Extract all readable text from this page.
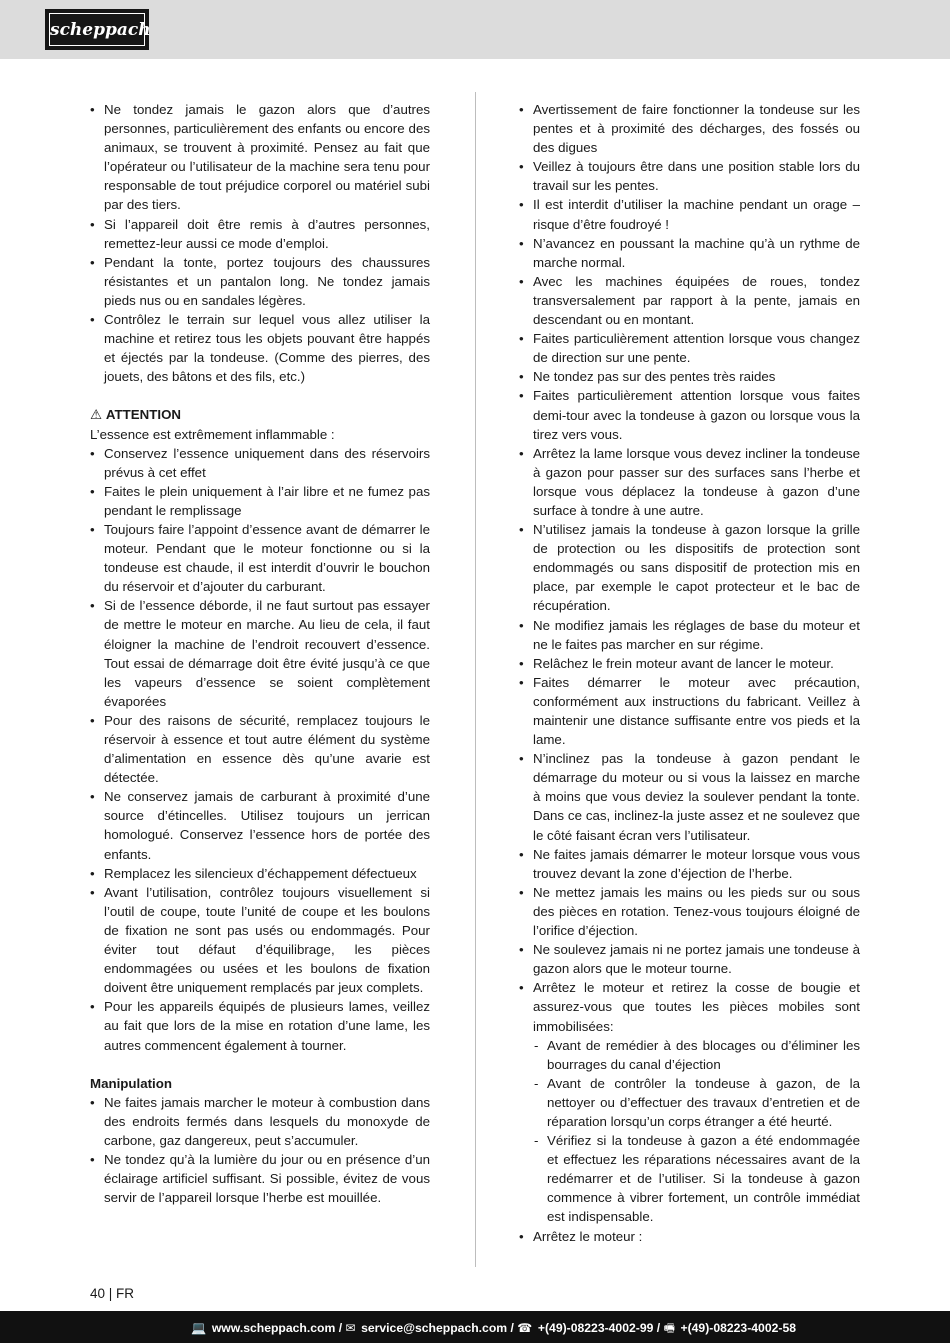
scheppach
• Ne tondez jamais le gazon alors que d’autres personnes, particulièrement des enfants ou encore des animaux, se trouvent à proximité. Pensez au fait que l’opérateur ou l’utilisateur de la machine sera tenu pour responsable de tout préjudice corporel ou matériel subi par des tiers.
• Si l’appareil doit être remis à d’autres personnes, remettez-leur aussi ce mode d’emploi.
• Pendant la tonte, portez toujours des chaussures résistantes et un pantalon long. Ne tondez jamais pieds nus ou en sandales légères.
• Contrôlez le terrain sur lequel vous allez utiliser la machine et retirez tous les objets pouvant être happés et éjectés par la tondeuse. (Comme des pierres, des jouets, des bâtons et des fils, etc.)

⚠ ATTENTION

L’essence est extrêmement inflammable :

• Conservez l’essence uniquement dans des réservoirs prévus à cet effet
• Faites le plein uniquement à l’air libre et ne fumez pas pendant le remplissage
• Toujours faire l’appoint d’essence avant de démarrer le moteur. Pendant que le moteur fonctionne ou si la tondeuse est chaude, il est interdit d’ouvrir le bouchon du réservoir et d’ajouter du carburant.
• Si de l’essence déborde, il ne faut surtout pas essayer de mettre le moteur en marche. Au lieu de cela, il faut éloigner la machine de l’endroit recouvert d’essence. Tout essai de démarrage doit être évité jusqu’à ce que les vapeurs d’essence se soient complètement évaporées
• Pour des raisons de sécurité, remplacez toujours le réservoir à essence et tout autre élément du système d’alimentation en essence dès qu’une avarie est détectée.
• Ne conservez jamais de carburant à proximité d’une source d’étincelles. Utilisez toujours un jerrican homologué. Conservez l’essence hors de portée des enfants.
• Remplacez les silencieux d’échappement défectueux
• Avant l’utilisation, contrôlez toujours visuellement si l’outil de coupe, toute l’unité de coupe et les boulons de fixation ne sont pas usés ou endommagés. Pour éviter tout défaut d’équilibrage, les pièces endommagées ou usées et les boulons de fixation doivent être uniquement remplacés par jeux complets.
• Pour les appareils équipés de plusieurs lames, veillez au fait que lors de la mise en rotation d’une lame, les autres commencent également à tourner.

Manipulation

• Ne faites jamais marcher le moteur à combustion dans des endroits fermés dans lesquels du monoxyde de carbone, gaz dangereux, peut s’accumuler.
• Ne tondez qu’à la lumière du jour ou en présence d’un éclairage artificiel suffisant. Si possible, évitez de vous servir de l’appareil lorsque l’herbe est mouillée.
• Avertissement de faire fonctionner la tondeuse sur les pentes et à proximité des décharges, des fossés ou des digues
• Veillez à toujours être dans une position stable lors du travail sur les pentes.
• Il est interdit d’utiliser la machine pendant un orage – risque d’être foudroyé !
• N’avancez en poussant la machine qu’à un rythme de marche normal.
• Avec les machines équipées de roues, tondez transversalement par rapport à la pente, jamais en descendant ou en montant.
• Faites particulièrement attention lorsque vous changez de direction sur une pente.
• Ne tondez pas sur des pentes très raides
• Faites particulièrement attention lorsque vous faites demi-tour avec la tondeuse à gazon ou lorsque vous la tirez vers vous.
• Arrêtez la lame lorsque vous devez incliner la tondeuse à gazon pour passer sur des surfaces sans l’herbe et lorsque vous déplacez la tondeuse à gazon d’une surface à tondre à une autre.
• N’utilisez jamais la tondeuse à gazon lorsque la grille de protection ou les dispositifs de protection sont endommagés ou sans dispositif de protection mis en place, par exemple le capot protecteur et le bac de récupération.
• Ne modifiez jamais les réglages de base du moteur et ne le faites pas marcher en sur régime.
• Relâchez le frein moteur avant de lancer le moteur.
• Faites démarrer le moteur avec précaution, conformément aux instructions du fabricant. Veillez à maintenir une distance suffisante entre vos pieds et la lame.
• N’inclinez pas la tondeuse à gazon pendant le démarrage du moteur ou si vous la laissez en marche à moins que vous deviez la soulever pendant la tonte. Dans ce cas, inclinez-la juste assez et ne soulevez que le côté faisant écran vers l’utilisateur.
• Ne faites jamais démarrer le moteur lorsque vous vous trouvez devant la zone d’éjection de l’herbe.
• Ne mettez jamais les mains ou les pieds sur ou sous des pièces en rotation. Tenez-vous toujours éloigné de l’orifice d’éjection.
• Ne soulevez jamais ni ne portez jamais une tondeuse à gazon alors que le moteur tourne.
• Arrêtez le moteur et retirez la cosse de bougie et assurez-vous que toutes les pièces mobiles sont immobilisées:
- Avant de remédier à des blocages ou d’éliminer les bourrages du canal d’éjection
- Avant de contrôler la tondeuse à gazon, de la nettoyer ou d’effectuer des travaux d’entretien et de réparation lorsqu’un corps étranger a été heurté.
- Vérifiez si la tondeuse à gazon a été endommagée et effectuez les réparations nécessaires avant de la redémarrer et de l’utiliser. Si la tondeuse à gazon commence à vibrer fortement, un contrôle immédiat est indispensable.
• Arrêtez le moteur :
40 | FR
💻 www.scheppach.com / ✉ service@scheppach.com / ☎ +(49)-08223-4002-99 / 🖷 +(49)-08223-4002-58
